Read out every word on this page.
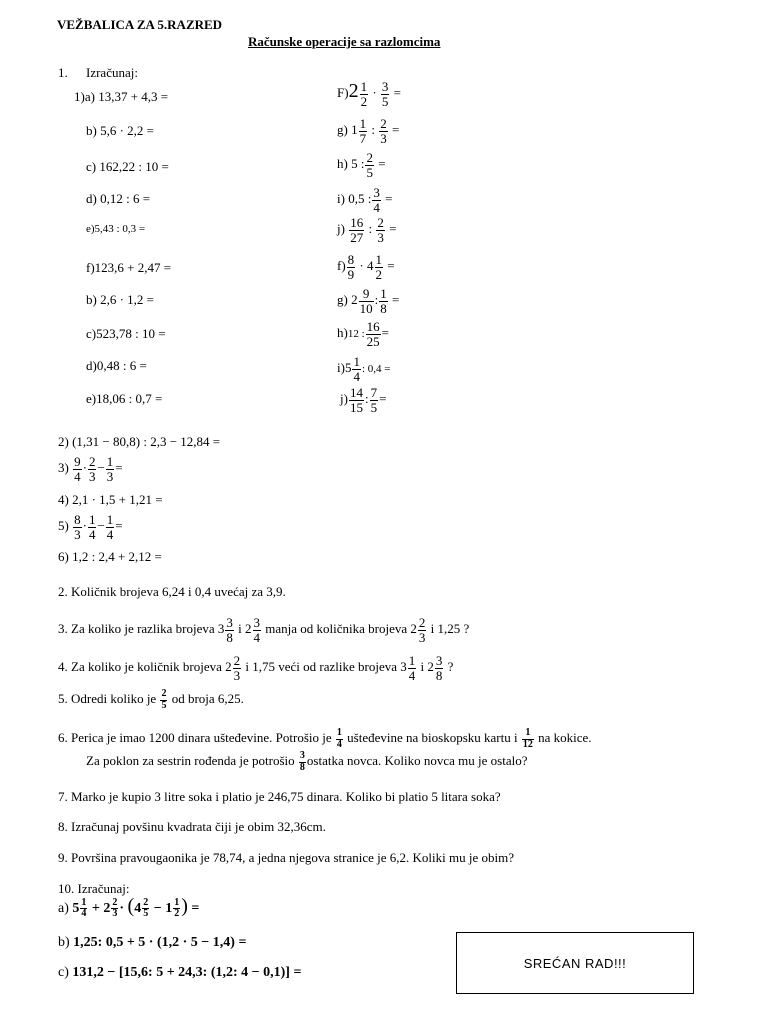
VEŽBALICA ZA 5.RAZRED
Računske operacije sa razlomcima
1. Izračunaj:
1)a) 13,37 + 4,3 =
b) 5,6 · 2,2 =
c) 162,22 : 10 =
d) 0,12 : 6 =
e)5,43 : 0,3 =
f)123,6 + 2,47 =
b) 2,6 · 1,2 =
c)523,78 : 10 =
d)0,48 : 6 =
e)18,06 : 0,7 =
$F)2 \frac{1}{2} \cdot \frac{3}{5}$ =
g) $1 \frac{1}{7}$ : $\frac{2}{3}$ =
h) 5 : $\frac{2}{5}$ =
i) 0,5 : $\frac{3}{4}$ =
$j) \frac{16}{27}$ : $\frac{2}{3}$ =
$f) \frac{8}{9} \cdot 4 \frac{1}{2}$ =
g) $2 \frac{9}{10}$ : $\frac{1}{8}$ =
h)12 : $\frac{16}{25}$ =
$i)5 \frac{1}{4}$ : 0,4 =
$j) \frac{14}{15}$ : $\frac{7}{5}$ =
2) (1,31 − 80,8) : 2,3 − 12,84 =
$3) \frac{9}{4} \cdot \frac{2}{3} - \frac{1}{3}$ =
4) 2,1 · 1,5 + 1,21 =
$5) \frac{8}{3} \cdot \frac{1}{4} - \frac{1}{4}$ =
6) 1,2 : 2,4 + 2,12 =
2. Količnik brojeva 6,24 i 0,4 uvećaj za 3,9.
3. Za koliko je razlika brojeva $3 \frac{3}{8}$ i $2 \frac{3}{4}$ manja od količnika brojeva $2 \frac{2}{3}$ i 1,25 ?
4. Za koliko je količnik brojeva $2 \frac{2}{3}$ i 1,75 veći od razlike brojeva $3 \frac{1}{4}$ i $2 \frac{3}{8}$ ?
5. Odredi koliko je $\frac{2}{5}$ od broja 6,25.
6. Perica je imao 1200 dinara ušteđevine. Potrošio je $\frac{1}{4}$ ušteđevine na bioskopsku kartu i $\frac{1}{12}$ na kokice.
Za poklon za sestrin rođenda je potrošio $\frac{3}{8}$ ostatka novca. Koliko novca mu je ostalo?
7. Marko je kupio 3 litre soka i platio je 246,75 dinara. Koliko bi platio 5 litara soka?
8. Izračunaj povšinu kvadrata čiji je obim 32,36cm.
9. Površina pravougaonika je 78,74, a jedna njegova stranice je 6,2. Koliki mu je obim?
10. Izračunaj:
a) $5 \frac{1}{4} + 2 \frac{2}{3} \cdot (4 \frac{2}{5} - 1 \frac{1}{2}$ ) =
b) 1,25: 0,5 + 5 · (1,2 · 5 − 1,4) =
c) 131,2 − [15,6: 5 + 24,3: (1,2: 4 − 0,1)] =
SREĆAN RAD!!!
